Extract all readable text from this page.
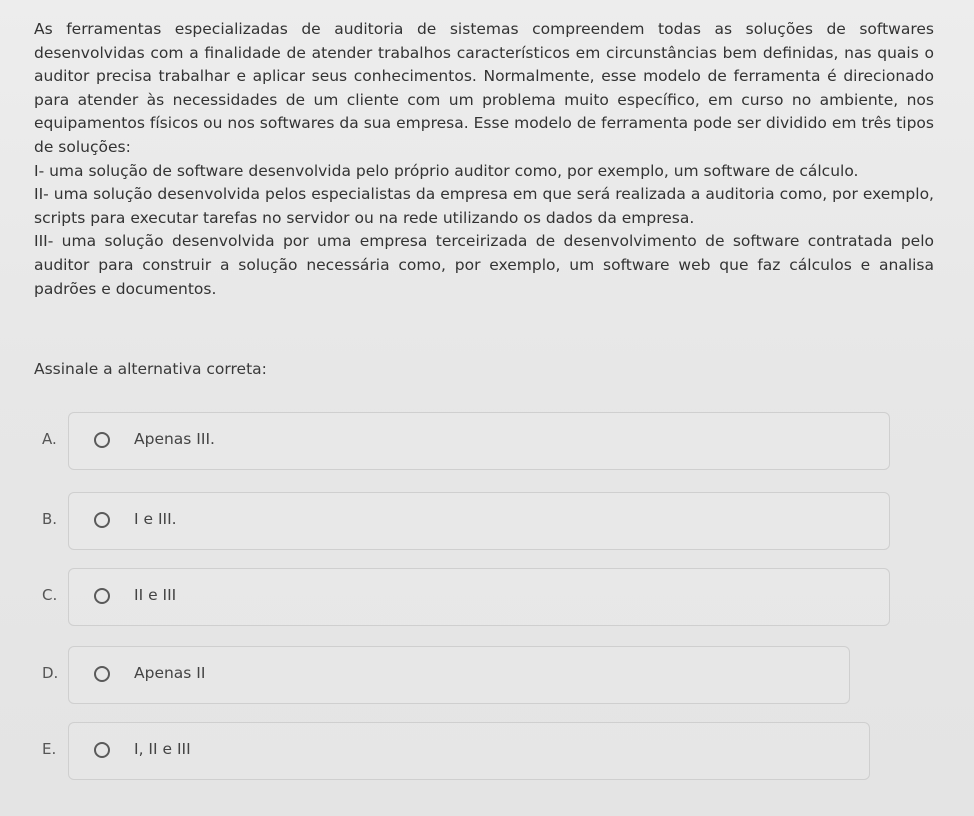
As ferramentas especializadas de auditoria de sistemas compreendem todas as soluções de softwares desenvolvidas com a finalidade de atender trabalhos característicos em circunstâncias bem definidas, nas quais o auditor precisa trabalhar e aplicar seus conhecimentos. Normalmente, esse modelo de ferramenta é direcionado para atender às necessidades de um cliente com um problema muito específico, em curso no ambiente, nos equipamentos físicos ou nos softwares da sua empresa. Esse modelo de ferramenta pode ser dividido em três tipos de soluções:

I- uma solução de software desenvolvida pelo próprio auditor como, por exemplo, um software de cálculo.

II- uma solução desenvolvida pelos especialistas da empresa em que será realizada a auditoria como, por exemplo, scripts para executar tarefas no servidor ou na rede utilizando os dados da empresa.

III- uma solução desenvolvida por uma empresa terceirizada de desenvolvimento de software contratada pelo auditor para construir a solução necessária como, por exemplo, um software web que faz cálculos e analisa padrões e documentos.

Assinale a alternativa correta:
A.	Apenas III.
B.	I e III.
C.	II e III
D.	Apenas II
E.	I, II e III
